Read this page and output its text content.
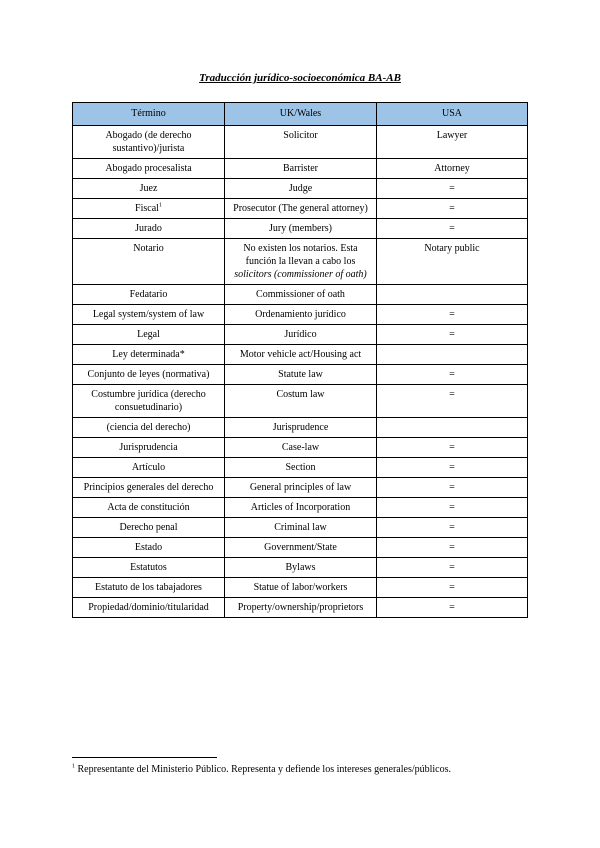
Traducción jurídico-socioeconómica BA-AB
Término	UK/Wales	USA
Abogado (de derecho sustantivo)/jurista	Solicitor	Lawyer
Abogado procesalista	Barrister	Attorney
Juez	Judge	=
Fiscal$^1$	Prosecutor (The general attorney)	=
Jurado	Jury (members)	=
Notario	No existen los notarios. Esta función la llevan a cabo los solicitors (commissioner of oath)	Notary public
Fedatario	Commissioner of oath	
Legal system/system of law	Ordenamiento jurídico	=
Legal	Jurídico	=
Ley determinada*	Motor vehicle act/Housing act	
Conjunto de leyes (normativa)	Statute law	=
Costumbre jurídica (derecho consuetudinario)	Costum law	=
(ciencia del derecho)	Jurisprudence	
Jurisprudencia	Case-law	=
Artículo	Section	=
Principios generales del derecho	General principles of law	=
Acta de constitución	Articles of Incorporation	=
Derecho penal	Criminal law	=
Estado	Government/State	=
Estatutos	Bylaws	=
Estatuto de los tabajadores	Statue of labor/workers	=
Propiedad/dominio/titularidad	Property/ownership/proprietors	=
$^1$ Representante del Ministerio Público. Representa y defiende los intereses generales/públicos.
